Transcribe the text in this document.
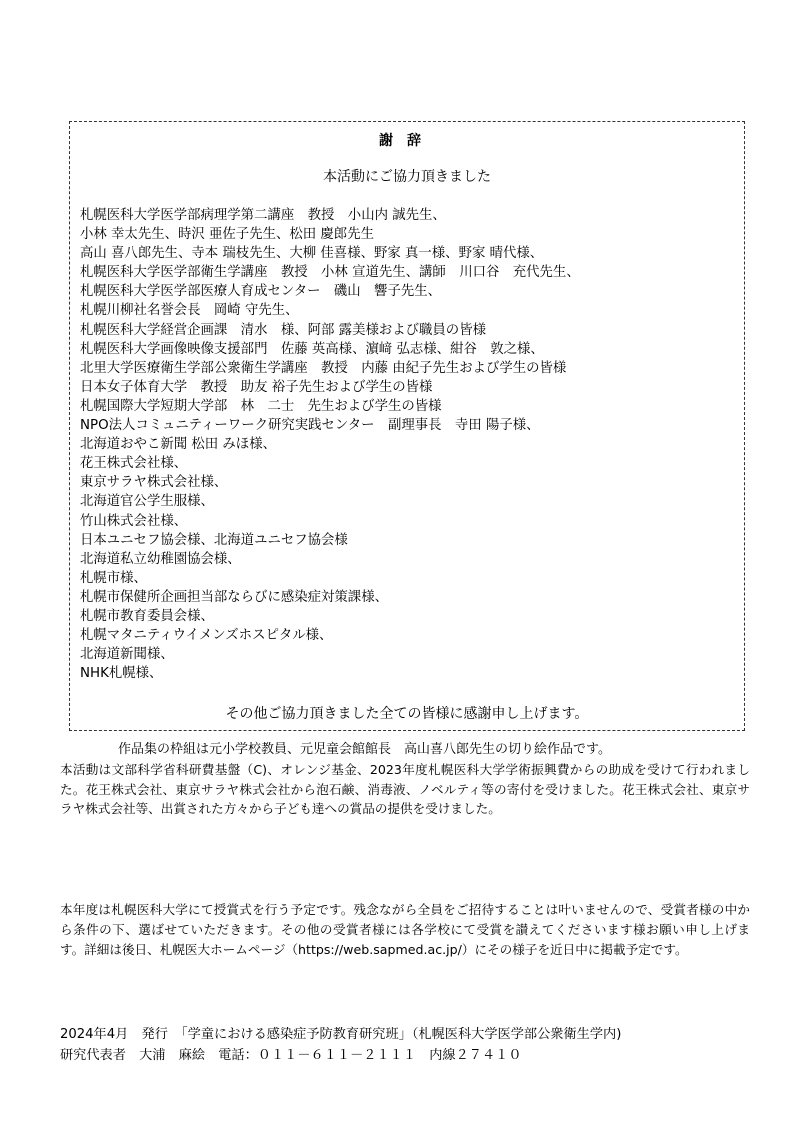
謝辞
本活動にご協力頂きました
札幌医科大学医学部病理学第二講座　教授　小山内 誠先生、
小林 幸太先生、時沢 亜佐子先生、松田 慶郎先生
高山 喜八郎先生、寺本 瑞枝先生、大柳 佳喜様、野家 真一様、野家 晴代様、
札幌医科大学医学部衛生学講座　教授　小林 宣道先生、講師　川口谷　充代先生、
札幌医科大学医学部医療人育成センター　磯山　響子先生、
札幌川柳社名誉会長　岡崎 守先生、
札幌医科大学経営企画課　清水　様、阿部 露美様および職員の皆様
札幌医科大学画像映像支援部門　佐藤 英高様、濵﨑 弘志様、紺谷　敦之様、
北里大学医療衛生学部公衆衛生学講座　教授　内藤 由紀子先生および学生の皆様
日本女子体育大学　教授　助友 裕子先生および学生の皆様
札幌国際大学短期大学部　林　二士　先生および学生の皆様
NPO法人コミュニティーワーク研究実践センター　副理事長　寺田 陽子様、
北海道おやこ新聞 松田 みほ様、
花王株式会社様、
東京サラヤ株式会社様、
北海道官公学生服様、
竹山株式会社様、
日本ユニセフ協会様、北海道ユニセフ協会様
北海道私立幼稚園協会様、
札幌市様、
札幌市保健所企画担当部ならびに感染症対策課様、
札幌市教育委員会様、
札幌マタニティウイメンズホスピタル様、
北海道新聞様、
NHK札幌様、
その他ご協力頂きました全ての皆様に感謝申し上げます。
作品集の枠組は元小学校教員、元児童会館館長　高山喜八郎先生の切り絵作品です。

本活動は文部科学省科研費基盤（C)、オレンジ基金、2023年度札幌医科大学学術振興費からの助成を受けて行われました。花王株式会社、東京サラヤ株式会社から泡石鹸、消毒液、ノベルティ等の寄付を受けました。花王株式会社、東京サラヤ株式会社等、出賞された方々から子ども達への賞品の提供を受けました。

本年度は札幌医科大学にて授賞式を行う予定です。残念ながら全員をご招待することは叶いませんので、受賞者様の中から条件の下、選ばせていただきます。その他の受賞者様には各学校にて受賞を讃えてくださいます様お願い申し上げます。詳細は後日、札幌医大ホームページ（https://web.sapmed.ac.jp/）にその様子を近日中に掲載予定です。

2024年4月　発行　「学童における感染症予防教育研究班」（札幌医科大学医学部公衆衛生学内)
研究代表者　大浦　麻絵　電話：０１１－６１１－２１１１　内線２７４１０
